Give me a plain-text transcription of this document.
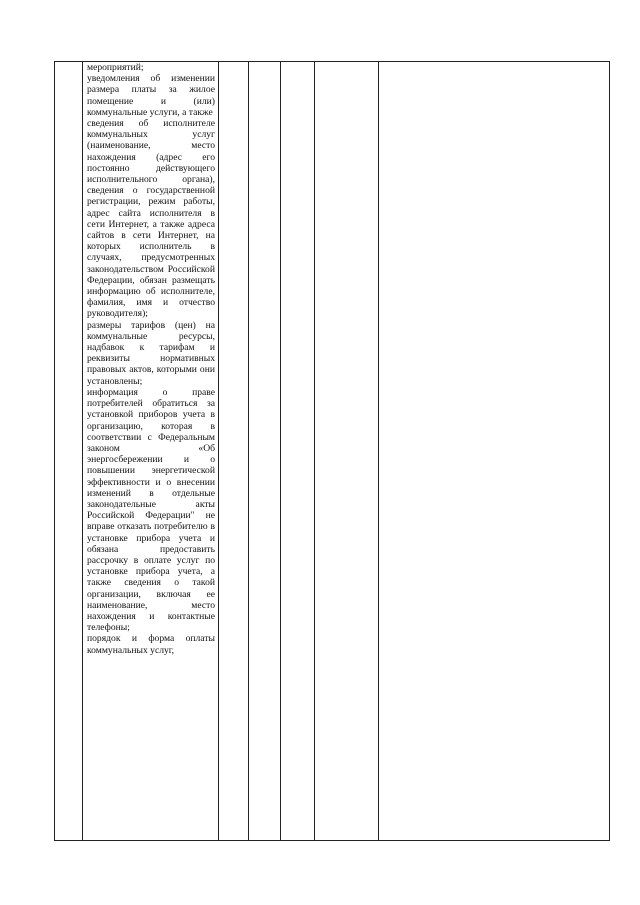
мероприятий;

уведомления об изменении размера платы за жилое помещение и (или) коммунальные услуги, а также

сведения об исполнителе коммунальных услуг (наименование, место нахождения (адрес его постоянно действующего исполнительного органа), сведения о государственной регистрации, режим работы, адрес сайта исполнителя в сети Интернет, а также адреса сайтов в сети Интернет, на которых исполнитель в случаях, предусмотренных законодательством Российской Федерации, обязан размещать информацию об исполнителе, фамилия, имя и отчество руководителя);

размеры тарифов (цен) на коммунальные ресурсы, надбавок к тарифам и реквизиты нормативных правовых актов, которыми они установлены;

информация о праве потребителей обратиться за установкой приборов учета в организацию, которая в соответствии с Федеральным законом «Об энергосбережении и о повышении энергетической эффективности и о внесении изменений в отдельные законодательные акты Российской Федерации" не вправе отказать потребителю в установке прибора учета и обязана предоставить рассрочку в оплате услуг по установке прибора учета, а также сведения о такой организации, включая ее наименование, место нахождения и контактные телефоны;

порядок и форма оплаты коммунальных услуг,
